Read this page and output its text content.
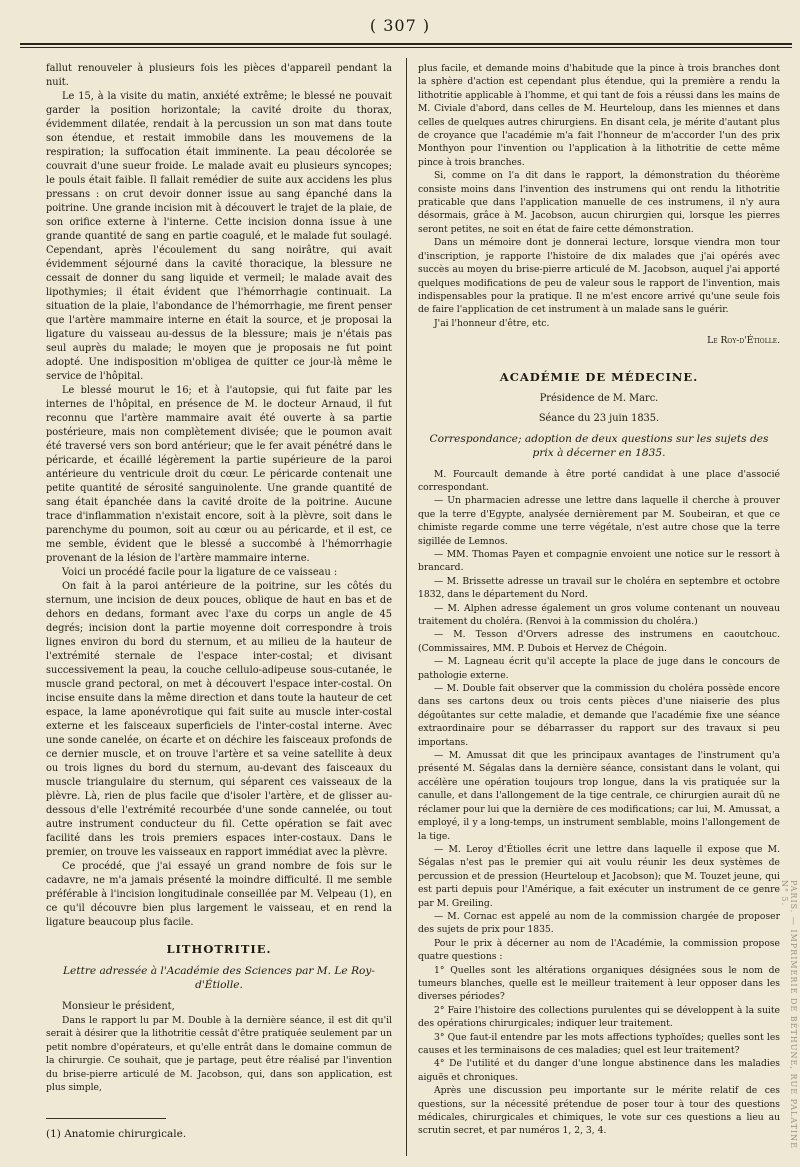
( 307 )

fallut renouveler à plusieurs fois les pièces d'appareil pendant la nuit.

Le 15, à la visite du matin, anxiété extrême; le blessé ne pouvait garder la position horizontale; la cavité droite du thorax, évidemment dilatée, rendait à la percussion un son mat dans toute son étendue, et restait immobile dans les mouvemens de la respiration; la suffocation était imminente. La peau décolorée se couvrait d'une sueur froide. Le malade avait eu plusieurs syncopes; le pouls était faible. Il fallait remédier de suite aux accidens les plus pressans : on crut devoir donner issue au sang épanché dans la poitrine. Une grande incision mit à découvert le trajet de la plaie, de son orifice externe à l'interne. Cette incision donna issue à une grande quantité de sang en partie coagulé, et le malade fut soulagé. Cependant, après l'écoulement du sang noirâtre, qui avait évidemment séjourné dans la cavité thoracique, la blessure ne cessait de donner du sang liquide et vermeil; le malade avait des lipothymies; il était évident que l'hémorrhagie continuait. La situation de la plaie, l'abondance de l'hémorrhagie, me firent penser que l'artère mammaire interne en était la source, et je proposai la ligature du vaisseau au-dessus de la blessure; mais je n'étais pas seul auprès du malade; le moyen que je proposais ne fut point adopté. Une indisposition m'obligea de quitter ce jour-là même le service de l'hôpital.

Le blessé mourut le 16; et à l'autopsie, qui fut faite par les internes de l'hôpital, en présence de M. le docteur Arnaud, il fut reconnu que l'artère mammaire avait été ouverte à sa partie postérieure, mais non complètement divisée; que le poumon avait été traversé vers son bord antérieur; que le fer avait pénétré dans le péricarde, et écaillé légèrement la partie supérieure de la paroi antérieure du ventricule droit du cœur. Le péricarde contenait une petite quantité de sérosité sanguinolente. Une grande quantité de sang était épanchée dans la cavité droite de la poitrine. Aucune trace d'inflammation n'existait encore, soit à la plèvre, soit dans le parenchyme du poumon, soit au cœur ou au péricarde, et il est, ce me semble, évident que le blessé a succombé à l'hémorrhagie provenant de la lésion de l'artère mammaire interne.

Voici un procédé facile pour la ligature de ce vaisseau :

On fait à la paroi antérieure de la poitrine, sur les côtés du sternum, une incision de deux pouces, oblique de haut en bas et de dehors en dedans, formant avec l'axe du corps un angle de 45 degrés; incision dont la partie moyenne doit correspondre à trois lignes environ du bord du sternum, et au milieu de la hauteur de l'extrémité sternale de l'espace inter-costal; et divisant successivement la peau, la couche cellulo-adipeuse sous-cutanée, le muscle grand pectoral, on met à découvert l'espace inter-costal. On incise ensuite dans la même direction et dans toute la hauteur de cet espace, la lame aponévrotique qui fait suite au muscle inter-costal externe et les faisceaux superficiels de l'inter-costal interne. Avec une sonde canelée, on écarte et on déchire les faisceaux profonds de ce dernier muscle, et on trouve l'artère et sa veine satellite à deux ou trois lignes du bord du sternum, au-devant des faisceaux du muscle triangulaire du sternum, qui séparent ces vaisseaux de la plèvre. Là, rien de plus facile que d'isoler l'artère, et de glisser au-dessous d'elle l'extrémité recourbée d'une sonde cannelée, ou tout autre instrument conducteur du fil. Cette opération se fait avec facilité dans les trois premiers espaces inter-costaux. Dans le premier, on trouve les vaisseaux en rapport immédiat avec la plèvre.

Ce procédé, que j'ai essayé un grand nombre de fois sur le cadavre, ne m'a jamais présenté la moindre difficulté. Il me semble préférable à l'incision longitudinale conseillée par M. Velpeau (1), en ce qu'il découvre bien plus largement le vaisseau, et en rend la ligature beaucoup plus facile.

LITHOTRITIE.
Lettre adressée à l'Académie des Sciences par M. Le Roy-d'Étiolle.

Monsieur le président,

Dans le rapport lu par M. Double à la dernière séance, il est dit qu'il serait à désirer que la lithotritie cessât d'être pratiquée seulement par un petit nombre d'opérateurs, et qu'elle entrât dans le domaine commun de la chirurgie. Ce souhait, que je partage, peut être réalisé par l'invention du brise-pierre articulé de M. Jacobson, qui, dans son application, est plus simple,

(1) Anatomie chirurgicale.

plus facile, et demande moins d'habitude que la pince à trois branches dont la sphère d'action est cependant plus étendue, qui la première a rendu la lithotritie applicable à l'homme, et qui tant de fois a réussi dans les mains de M. Civiale d'abord, dans celles de M. Heurteloup, dans les miennes et dans celles de quelques autres chirurgiens. En disant cela, je mérite d'autant plus de croyance que l'académie m'a fait l'honneur de m'accorder l'un des prix Monthyon pour l'invention ou l'application à la lithotritie de cette même pince à trois branches.

Si, comme on l'a dit dans le rapport, la démonstration du théorème consiste moins dans l'invention des instrumens qui ont rendu la lithotritie praticable que dans l'application manuelle de ces instrumens, il n'y aura désormais, grâce à M. Jacobson, aucun chirurgien qui, lorsque les pierres seront petites, ne soit en état de faire cette démonstration.

Dans un mémoire dont je donnerai lecture, lorsque viendra mon tour d'inscription, je rapporte l'histoire de dix malades que j'ai opérés avec succès au moyen du brise-pierre articulé de M. Jacobson, auquel j'ai apporté quelques modifications de peu de valeur sous le rapport de l'invention, mais indispensables pour la pratique. Il ne m'est encore arrivé qu'une seule fois de faire l'application de cet instrument à un malade sans le guérir.

J'ai l'honneur d'être, etc.

Le Roy-d'Étiolle.

ACADÉMIE DE MÉDECINE.
Présidence de M. Marc.
Séance du 23 juin 1835.
Correspondance; adoption de deux questions sur les sujets des prix à décerner en 1835.

M. Fourcault demande à être porté candidat à une place d'associé correspondant.

— Un pharmacien adresse une lettre dans laquelle il cherche à prouver que la terre d'Egypte, analysée dernièrement par M. Soubeiran, et que ce chimiste regarde comme une terre végétale, n'est autre chose que la terre sigillée de Lemnos.

— MM. Thomas Payen et compagnie envoient une notice sur le ressort à brancard.

— M. Brissette adresse un travail sur le choléra en septembre et octobre 1832, dans le département du Nord.

— M. Alphen adresse également un gros volume contenant un nouveau traitement du choléra. (Renvoi à la commission du choléra.)

— M. Tesson d'Orvers adresse des instrumens en caoutchouc. (Commissaires, MM. P. Dubois et Hervez de Chégoin.

— M. Lagneau écrit qu'il accepte la place de juge dans le concours de pathologie externe.

— M. Double fait observer que la commission du choléra possède encore dans ses cartons deux ou trois cents pièces d'une niaiserie des plus dégoûtantes sur cette maladie, et demande que l'académie fixe une séance extraordinaire pour se débarrasser du rapport sur des travaux si peu importans.

— M. Amussat dit que les principaux avantages de l'instrument qu'a présenté M. Ségalas dans la dernière séance, consistant dans le volant, qui accélère une opération toujours trop longue, dans la vis pratiquée sur la canulle, et dans l'allongement de la tige centrale, ce chirurgien aurait dû ne réclamer pour lui que la dernière de ces modifications; car lui, M. Amussat, a employé, il y a long-temps, un instrument semblable, moins l'allongement de la tige.

— M. Leroy d'Étiolles écrit une lettre dans laquelle il expose que M. Ségalas n'est pas le premier qui ait voulu réunir les deux systèmes de percussion et de pression (Heurteloup et Jacobson); que M. Touzet jeune, qui est parti depuis pour l'Amérique, a fait exécuter un instrument de ce genre par M. Greiling.

— M. Cornac est appelé au nom de la commission chargée de proposer des sujets de prix pour 1835.

Pour le prix à décerner au nom de l'Académie, la commission propose quatre questions :

1° Quelles sont les altérations organiques désignées sous le nom de tumeurs blanches, quelle est le meilleur traitement à leur opposer dans les diverses périodes?

2° Faire l'histoire des collections purulentes qui se développent à la suite des opérations chirurgicales; indiquer leur traitement.

3° Que faut-il entendre par les mots affections typhoïdes; quelles sont les causes et les terminaisons de ces maladies; quel est leur traitement?

4° De l'utilité et du danger d'une longue abstinence dans les maladies aiguës et chroniques.

Après une discussion peu importante sur le mérite relatif de ces questions, sur la nécessité prétendue de poser tour à tour des questions médicales, chirurgicales et chimiques, le vote sur ces questions a lieu au scrutin secret, et par numéros 1, 2, 3, 4.	PARIS. — IMPRIMERIE DE BÉTHUNE, RUE PALATINE N° 5.
